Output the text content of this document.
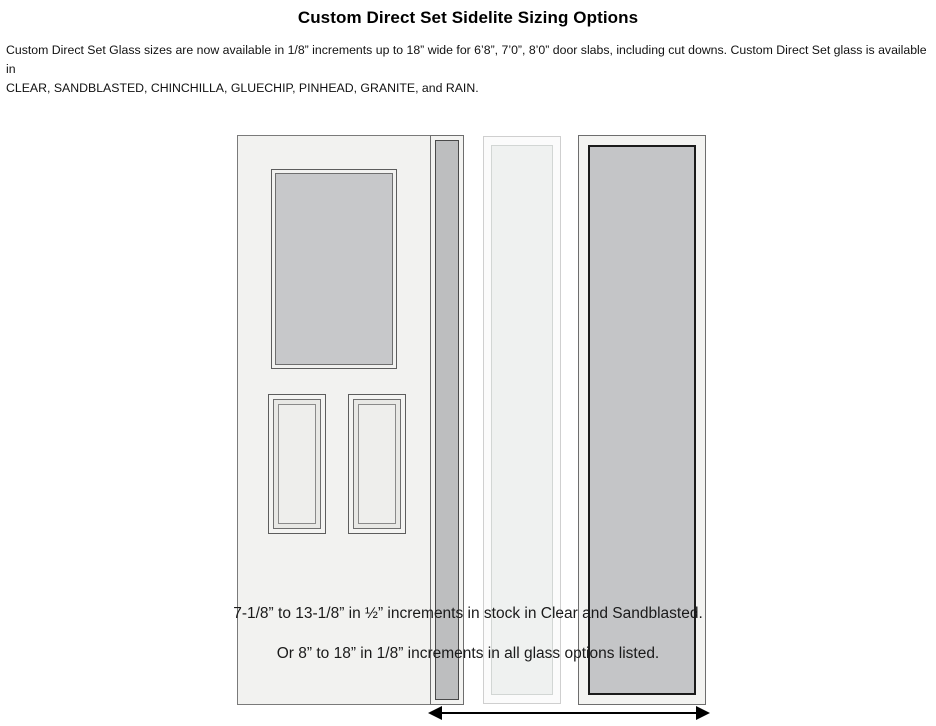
Custom Direct Set Sidelite Sizing Options
Custom Direct Set Glass sizes are now available in 1/8” increments up to 18” wide for 6’8”, 7’0”, 8’0” door slabs, including cut downs. Custom Direct Set glass is available in
CLEAR, SANDBLASTED, CHINCHILLA, GLUECHIP, PINHEAD, GRANITE, and RAIN.
7-1/8” to 13-1/8” in ½” increments in stock in Clear and Sandblasted.
Or 8” to 18” in 1/8” increments in all glass options listed.
